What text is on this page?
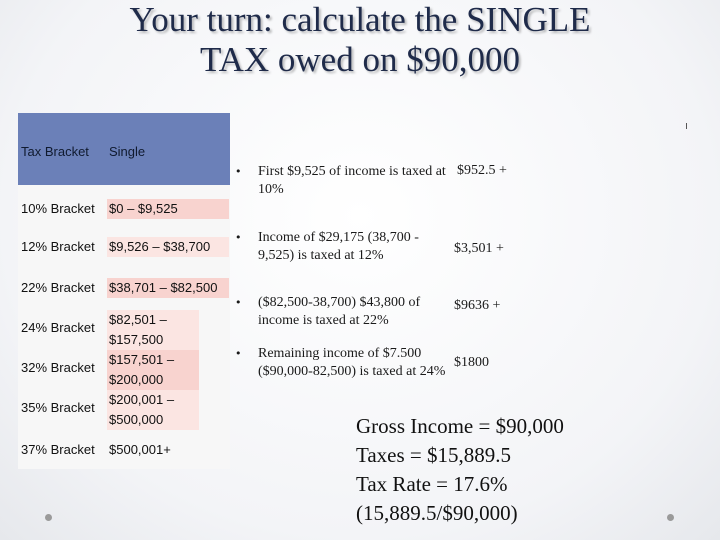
Your turn: calculate the SINGLE
TAX owed on $90,000
Tax Bracket Single
10% Bracket $0 – $9,525
12% Bracket $9,526 – $38,700
22% Bracket $38,701 – $82,500
24% Bracket
$82,501 – $157,500
32% Bracket
$157,501 – $200,000
35% Bracket
$200,001 – $500,000
37% Bracket $500,001+
• First $9,525 of income is taxed at 10%
• Income of $29,175 (38,700 - 9,525) is taxed at 12%
• ($82,500-38,700) $43,800 of income is taxed at 22%
• Remaining income of $7.500 ($90,000-82,500) is taxed at 24%
$952.5 +
$3,501 +
$9636 +
$1800
Gross Income = $90,000
Taxes = $15,889.5
Tax Rate = 17.6%
(15,889.5/$90,000)
